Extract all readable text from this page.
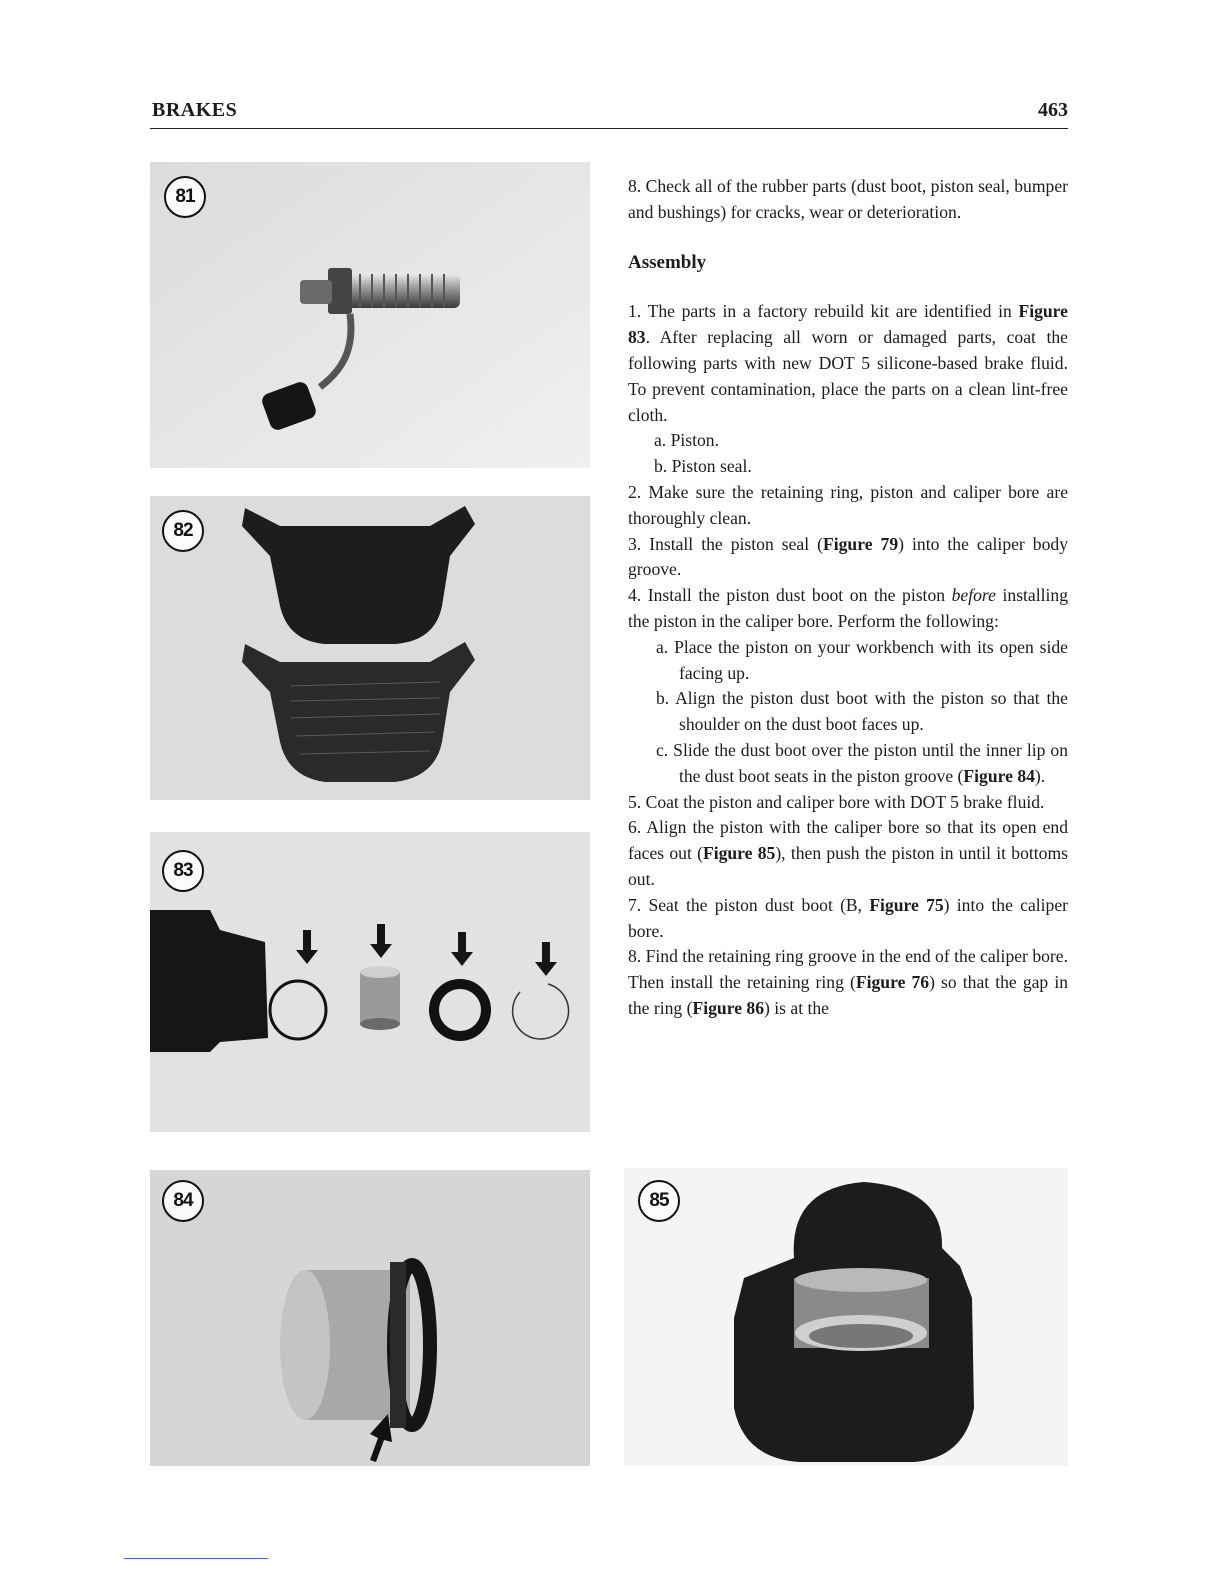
BRAKES	463
81
82
83
84	85

8. Check all of the rubber parts (dust boot, piston seal, bumper and bushings) for cracks, wear or deterioration.

Assembly

1. The parts in a factory rebuild kit are identified in Figure 83. After replacing all worn or damaged parts, coat the following parts with new DOT 5 silicone-based brake fluid. To prevent contamination, place the parts on a clean lint-free cloth.

a. Piston.

b. Piston seal.

2. Make sure the retaining ring, piston and caliper bore are thoroughly clean.

3. Install the piston seal (Figure 79) into the caliper body groove.

4. Install the piston dust boot on the piston before installing the piston in the caliper bore. Perform the following:

a. Place the piston on your workbench with its open side facing up.

b. Align the piston dust boot with the piston so that the shoulder on the dust boot faces up.

c. Slide the dust boot over the piston until the inner lip on the dust boot seats in the piston groove (Figure 84).

5. Coat the piston and caliper bore with DOT 5 brake fluid.

6. Align the piston with the caliper bore so that its open end faces out (Figure 85), then push the piston in until it bottoms out.

7. Seat the piston dust boot (B, Figure 75) into the caliper bore.

8. Find the retaining ring groove in the end of the caliper bore. Then install the retaining ring (Figure 76) so that the gap in the ring (Figure 86) is at the
